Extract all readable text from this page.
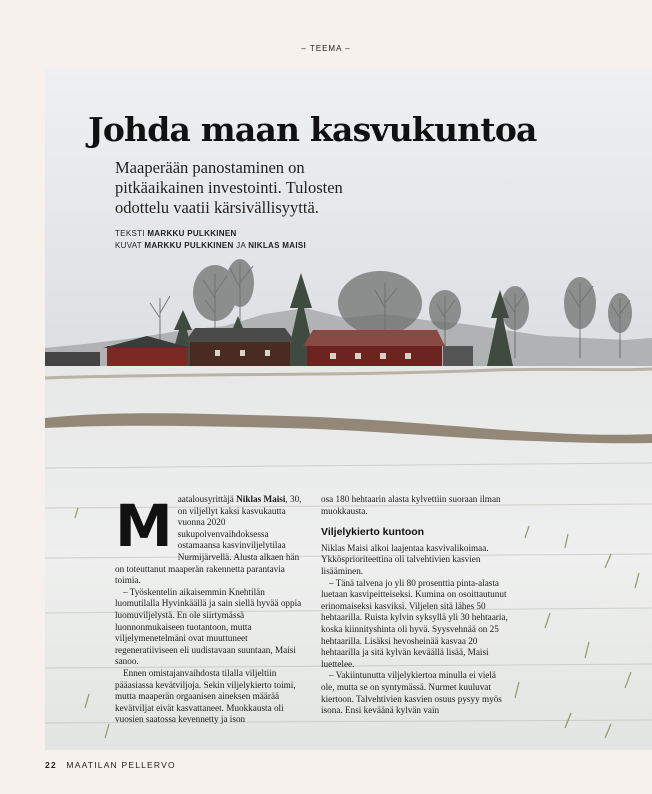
– TEEMA –
Johda maan kasvukuntoa
Maaperään panostaminen on pitkäaikainen investointi. Tulosten odottelu vaatii kärsivällisyyttä.
TEKSTI MARKKU PULKKINEN
KUVAT MARKKU PULKKINEN JA NIKLAS MAISI

Maatalousyrittäjä Niklas Maisi, 30, on viljellyt kaksi kasvukautta vuonna 2020 sukupolvenvaihdoksessa ostamaansa kasvinviljelytilaa Nurmijärvellä. Alusta alkaen hän on toteuttanut maaperän rakennetta parantavia toimia.

– Työskentelin aikaisemmin Knehtilän luomutilalla Hyvinkäällä ja sain siellä hyvää oppia luomuviljelystä. En ole siirtymässä luonnonmukaiseen tuotantoon, mutta viljelymenetelmäni ovat muuttuneet regeneratiiviseen eli uudistavaan suuntaan, Maisi sanoo.

Ennen omistajanvaihdosta tilalla viljeltiin pääasiassa kevätviljoja. Sekin viljelykierto toimi, mutta maaperän orgaanisen aineksen määrää kevätviljat eivät kasvattaneet. Muokkausta oli vuosien saatossa kevennetty ja ison

osa 180 hehtaarin alasta kylvettiin suoraan ilman muokkausta.

Viljelykierto kuntoon

Niklas Maisi alkoi laajentaa kasvivalikoimaa. Ykkösprioriteettina oli talvehtivien kasvien lisääminen.

– Tänä talvena jo yli 80 prosenttia pinta-alasta luetaan kasvipeitteiseksi. Kumina on osoittautunut erinomaiseksi kasviksi. Viljelen sitä lähes 50 hehtaarilla. Ruista kylvin syksyllä yli 30 hehtaaria, koska kiinnityshinta oli hyvä. Syysvehnää on 25 hehtaarilla. Lisäksi hevosheinää kasvaa 20 hehtaarilla ja sitä kylvän keväällä lisää, Maisi luettelee.

– Vakiintunutta viljelykiertoa minulla ei vielä ole, mutta se on syntymässä. Nurmet kuuluvat kiertoon. Talvehtivien kasvien osuus pysyy myös isona. Ensi keväänä kylvän vain

22 MAATILAN PELLERVO
